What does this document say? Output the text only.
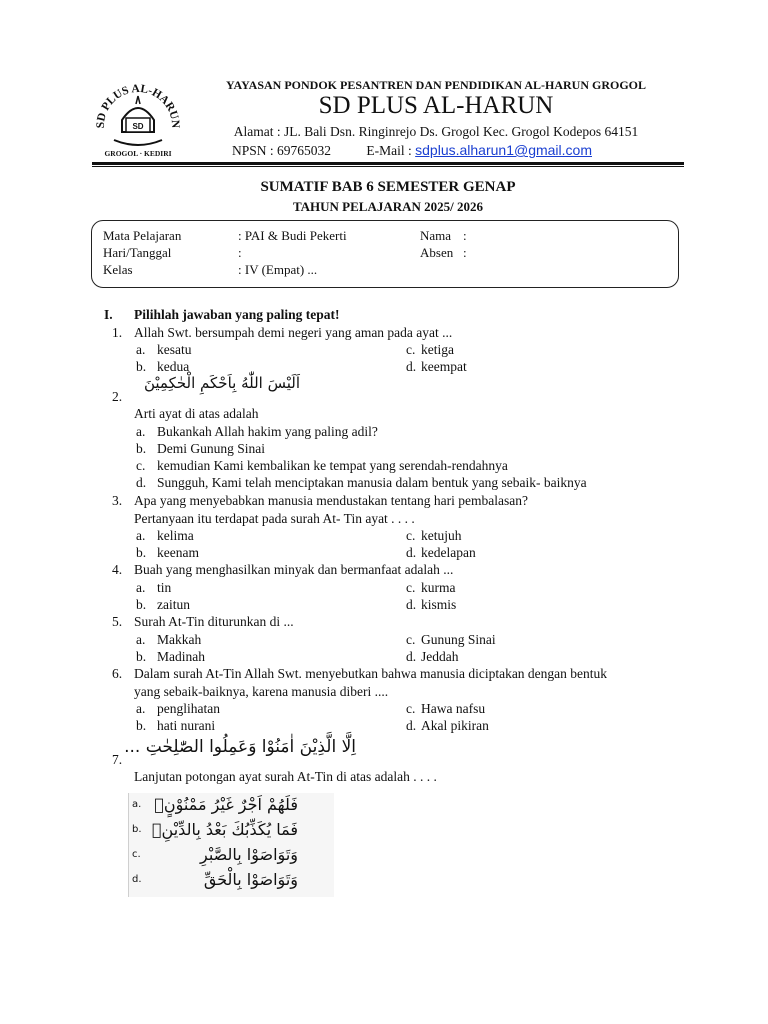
SD PLUS AL-HARUN
SD
GROGOL · KEDIRI
YAYASAN PONDOK PESANTREN DAN PENDIDIKAN AL-HARUN GROGOL
SD PLUS AL-HARUN
Alamat : JL. Bali Dsn. Ringinrejo Ds. Grogol Kec. Grogol Kodepos 64151
NPSN : 69765032	E-Mail : sdplus.alharun1@gmail.com
SUMATIF BAB 6 SEMESTER GENAP
TAHUN PELAJARAN 2025/ 2026
Mata Pelajaran	: PAI & Budi Pekerti
Hari/Tanggal	:
Kelas	: IV (Empat) ...
Nama :
Absen :
I. Pilihlah jawaban yang paling tepat!
1. Allah Swt. bersumpah demi negeri yang aman pada ayat ...
a. kesatu
b. kedua
c. ketiga
d. keempat
اَلَيْسَ اللّٰهُ بِاَحْكَمِ الْحٰكِمِيْنَ
2.
Arti ayat di atas adalah
a. Bukankah Allah hakim yang paling adil?
b. Demi Gunung Sinai
c. kemudian Kami kembalikan ke tempat yang serendah-rendahnya
d. Sungguh, Kami telah menciptakan manusia dalam bentuk yang sebaik- baiknya
3. Apa yang menyebabkan manusia mendustakan tentang hari pembalasan?
Pertanyaan itu terdapat pada surah At- Tin ayat . . . .
a. kelima
b. keenam
c. ketujuh
d. kedelapan
4. Buah yang menghasilkan minyak dan bermanfaat adalah ...
a. tin
b. zaitun
c. kurma
d. kismis
5. Surah At-Tin diturunkan di ...
a. Makkah
b. Madinah
c. Gunung Sinai
d. Jeddah
6. Dalam surah At-Tin Allah Swt. menyebutkan bahwa manusia diciptakan dengan bentuk
yang sebaik-baiknya, karena manusia diberi ....
a. penglihatan
b. hati nurani
c. Hawa nafsu
d. Akal pikiran
اِلَّا الَّذِيْنَ اٰمَنُوْا وَعَمِلُوا الصّٰلِحٰتِ ...
7.
Lanjutan potongan ayat surah At-Tin di atas adalah . . . .
a. فَلَهُمْ اَجْرٌ غَيْرُ مَمْنُوْنٍۗ
b. فَمَا يُكَذِّبُكَ بَعْدُ بِالدِّيْنِۗ
c.	وَتَوَاصَوْا بِالصَّبْرِ
d.	وَتَوَاصَوْا بِالْحَقِّ
